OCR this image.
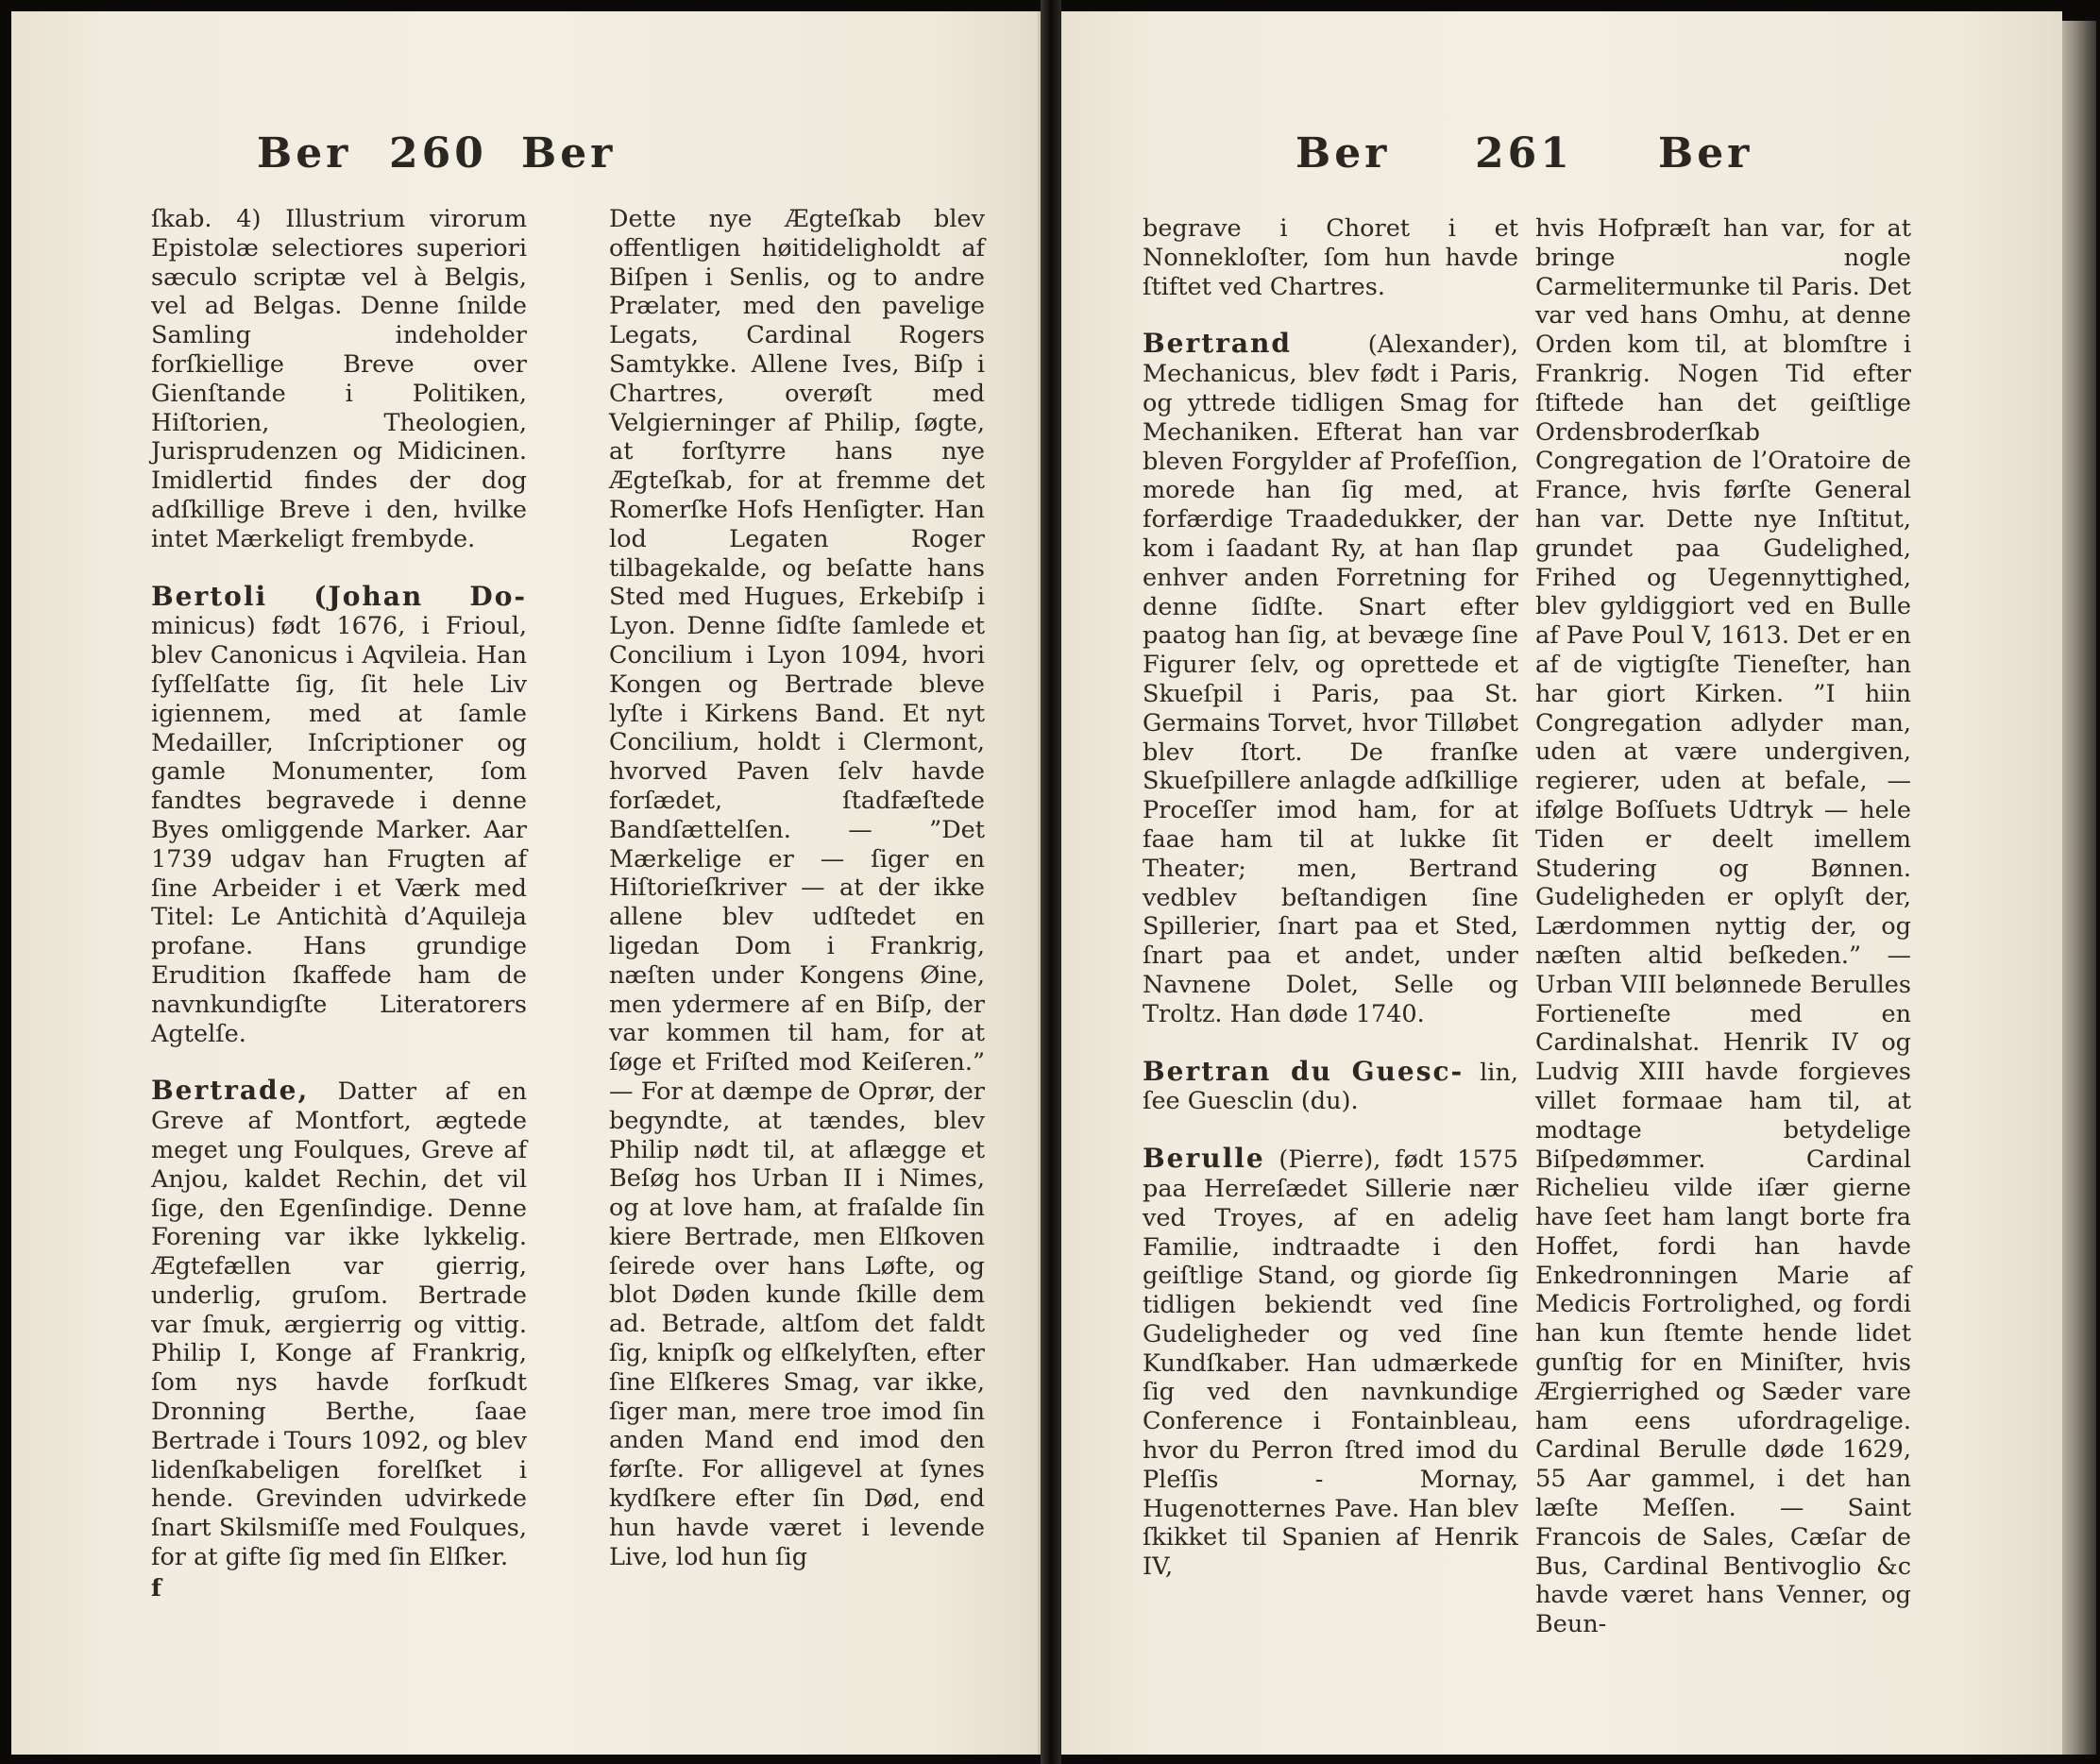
Ber 260 Ber

ſkab. 4) Illustrium virorum Epistolæ selectiores superiori sæculo scriptæ vel à Belgis, vel ad Belgas. Denne ſnilde Samling indeholder forſkiellige Breve over Gienſtande i Politiken, Hiſtorien, Theologien, Jurisprudenzen og Midicinen. Imidlertid findes der dog adſkillige Breve i den, hvilke intet Mærkeligt frembyde.

Bertoli (Johan Do- minicus) født 1676, i Frioul, blev Canonicus i Aqvileia. Han ſyſſelſatte ſig, ſit hele Liv igiennem, med at ſamle Medailler, Inſcriptioner og gamle Monumenter, ſom fandtes begravede i denne Byes omliggende Marker. Aar 1739 udgav han Frugten af ſine Arbeider i et Værk med Titel: Le Antichità d’Aquileja profane. Hans grundige Erudition ſkaffede ham de navnkundigſte Literatorers Agtelſe.

Bertrade, Datter af en Greve af Montfort, ægtede meget ung Foulques, Greve af Anjou, kaldet Rechin, det vil ſige, den Egenſindige. Denne Forening var ikke lykkelig. Ægtefællen var gierrig, underlig, gruſom. Bertrade var ſmuk, ærgierrig og vittig. Philip I, Konge af Frankrig, ſom nys havde forſkudt Dronning Berthe, ſaae Bertrade i Tours 1092, og blev lidenſkabeligen forelſket i hende. Grevinden udvirkede ſnart Skilsmiſſe med Foulques, for at gifte ſig med ſin Elſker.

f

Dette nye Ægteſkab blev offentligen høitideligholdt af Biſpen i Senlis, og to andre Prælater, med den pavelige Legats, Cardinal Rogers Samtykke. Allene Ives, Biſp i Chartres, overøſt med Velgierninger af Philip, ſøgte, at forſtyrre hans nye Ægteſkab, for at fremme det Romerſke Hofs Henſigter. Han lod Legaten Roger tilbagekalde, og beſatte hans Sted med Hugues, Erkebiſp i Lyon. Denne ſidſte ſamlede et Concilium i Lyon 1094, hvori Kongen og Bertrade bleve lyſte i Kirkens Band. Et nyt Concilium, holdt i Clermont, hvorved Paven ſelv havde forſædet, ſtadfæſtede Bandſættelſen. — ”Det Mærkelige er — ſiger en Hiſtorieſkriver — at der ikke allene blev udſtedet en ligedan Dom i Frankrig, næſten under Kongens Øine, men ydermere af en Biſp, der var kommen til ham, for at ſøge et Friſted mod Keiſeren.” — For at dæmpe de Oprør, der begyndte, at tændes, blev Philip nødt til, at aflægge et Beſøg hos Urban II i Nimes, og at love ham, at fraſalde ſin kiere Bertrade, men Elſkoven ſeirede over hans Løfte, og blot Døden kunde ſkille dem ad. Betrade, altſom det faldt ſig, knipſk og elſkelyſten, efter ſine Elſkeres Smag, var ikke, ſiger man, mere troe imod ſin anden Mand end imod den førſte. For alligevel at ſynes kydſkere efter ſin Død, end hun havde været i levende Live, lod hun ſig

Ber 261 Ber

begrave i Choret i et Nonnekloſter, ſom hun havde ſtiftet ved Chartres.

Bertrand	(Alexander), Mechanicus, blev født i Paris, og yttrede tidligen Smag for Mechaniken. Efterat han var bleven Forgylder af Profeſſion, morede han ſig med, at forfærdige Traadedukker, der kom i ſaadant Ry, at han ſlap enhver anden Forretning for denne ſidſte. Snart efter paatog han ſig, at bevæge ſine Figurer ſelv, og oprettede et Skueſpil i Paris, paa St. Germains Torvet, hvor Tilløbet blev ſtort. De franſke Skueſpillere anlagde adſkillige Proceſſer imod ham, for at faae ham til at lukke ſit Theater; men, Bertrand vedblev beſtandigen ſine Spillerier, ſnart paa et Sted, ſnart paa et andet, under Navnene Dolet, Selle og Troltz. Han døde 1740.

Bertran du Guesc- lin, ſee Guesclin (du).

Berulle (Pierre), født 1575 paa Herreſædet Sillerie nær ved Troyes, af en adelig Familie, indtraadte i den geiſtlige Stand, og giorde ſig tidligen bekiendt ved ſine Gudeligheder og ved ſine Kundſkaber. Han udmærkede ſig ved den navnkundige Conference i Fontainbleau, hvor du Perron ſtred imod du Pleſſis - Mornay, Hugenotternes Pave. Han blev ſkikket til Spanien af Henrik IV,

hvis Hofpræſt han var, for at bringe nogle Carmelitermunke til Paris. Det var ved hans Omhu, at denne Orden kom til, at blomſtre i Frankrig. Nogen Tid efter ſtiftede han det geiſtlige Ordensbroderſkab Congregation de l’Oratoire de France, hvis førſte General han var. Dette nye Inſtitut, grundet paa Gudelighed, Frihed og Uegennyttighed, blev gyldiggiort ved en Bulle af Pave Poul V, 1613. Det er en af de vigtigſte Tieneſter, han har giort Kirken. ”I hiin Congregation adlyder man, uden at være undergiven, regierer, uden at befale, — ifølge Boſſuets Udtryk — hele Tiden er deelt imellem Studering og Bønnen. Gudeligheden er oplyſt der, Lærdommen nyttig der, og næſten altid beſkeden.” — Urban VIII belønnede Berulles Fortieneſte med en Cardinalshat. Henrik IV og Ludvig XIII havde forgieves villet formaae ham til, at modtage betydelige Biſpedømmer. Cardinal Richelieu vilde iſær gierne have ſeet ham langt borte fra Hoffet, fordi han havde Enkedronningen Marie af Medicis Fortrolighed, og fordi han kun ſtemte hende lidet gunſtig for en Miniſter, hvis Ærgierrighed og Sæder vare ham eens ufordragelige. Cardinal Berulle døde 1629, 55 Aar gammel, i det han læſte Meſſen. — Saint Francois de Sales, Cæſar de Bus, Cardinal Bentivoglio &c havde været hans Venner, og Beun-
